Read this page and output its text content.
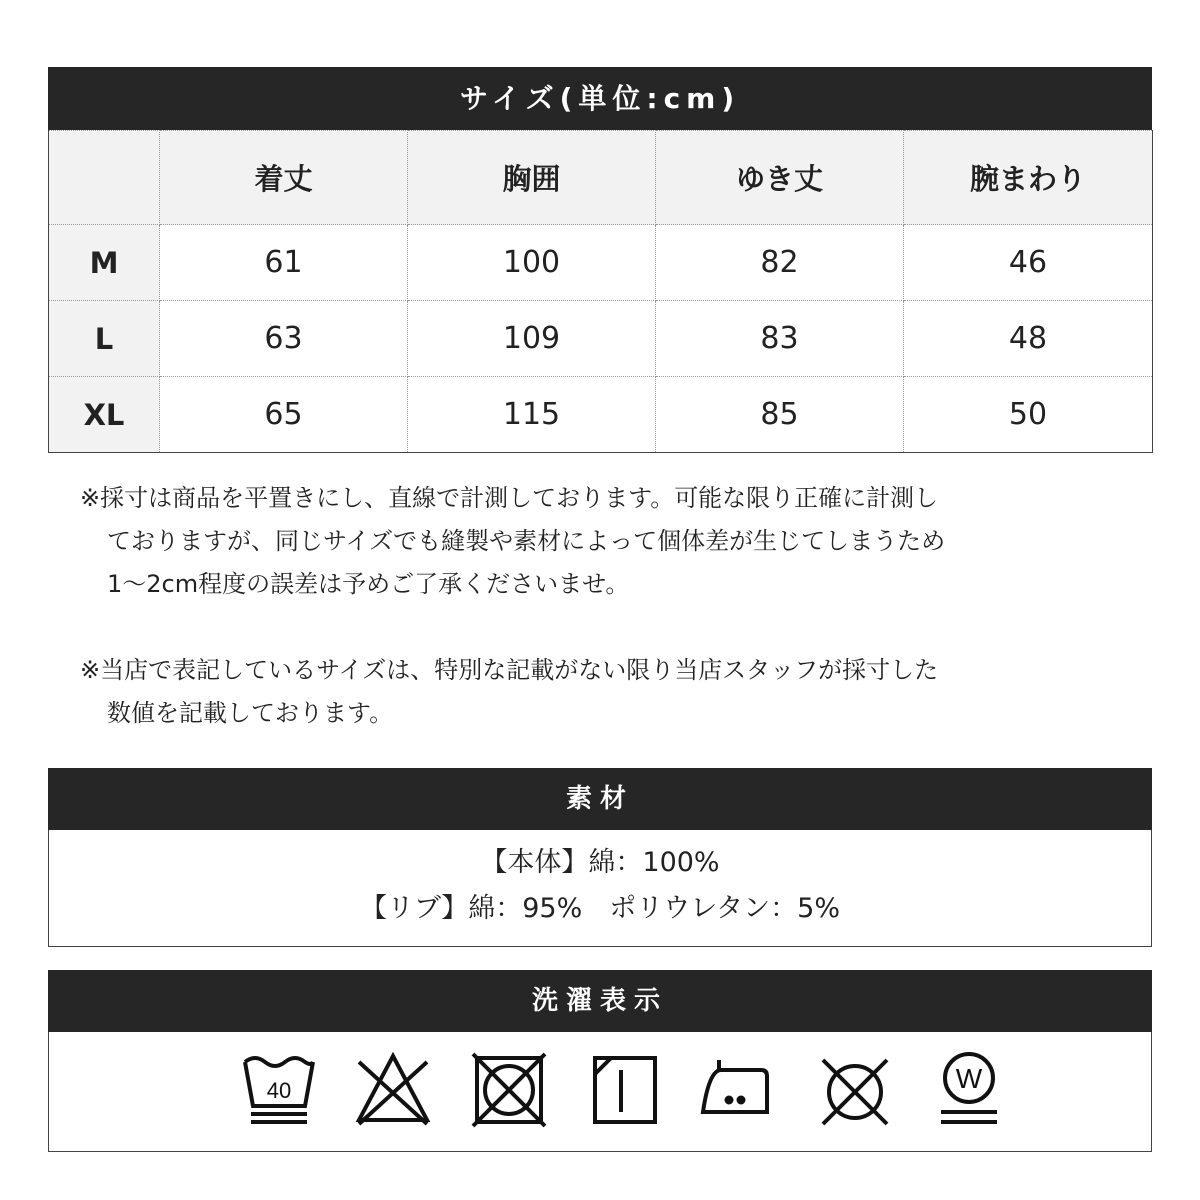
サイズ(単位:cm)
	着丈	胸囲	ゆき丈	腕まわり
M	61	100	82	46
L	63	109	83	48
XL	65	115	85	50
※採寸は商品を平置きにし、直線で計測しております。可能な限り正確に計測し
ておりますが、同じサイズでも縫製や素材によって個体差が生じてしまうため
1～2cm程度の誤差は予めご了承くださいませ。
※当店で表記しているサイズは、特別な記載がない限り当店スタッフが採寸した
数値を記載しております。
素材
【本体】綿：100%
【リブ】綿：95%　ポリウレタン：5%
洗濯表示
40	W
